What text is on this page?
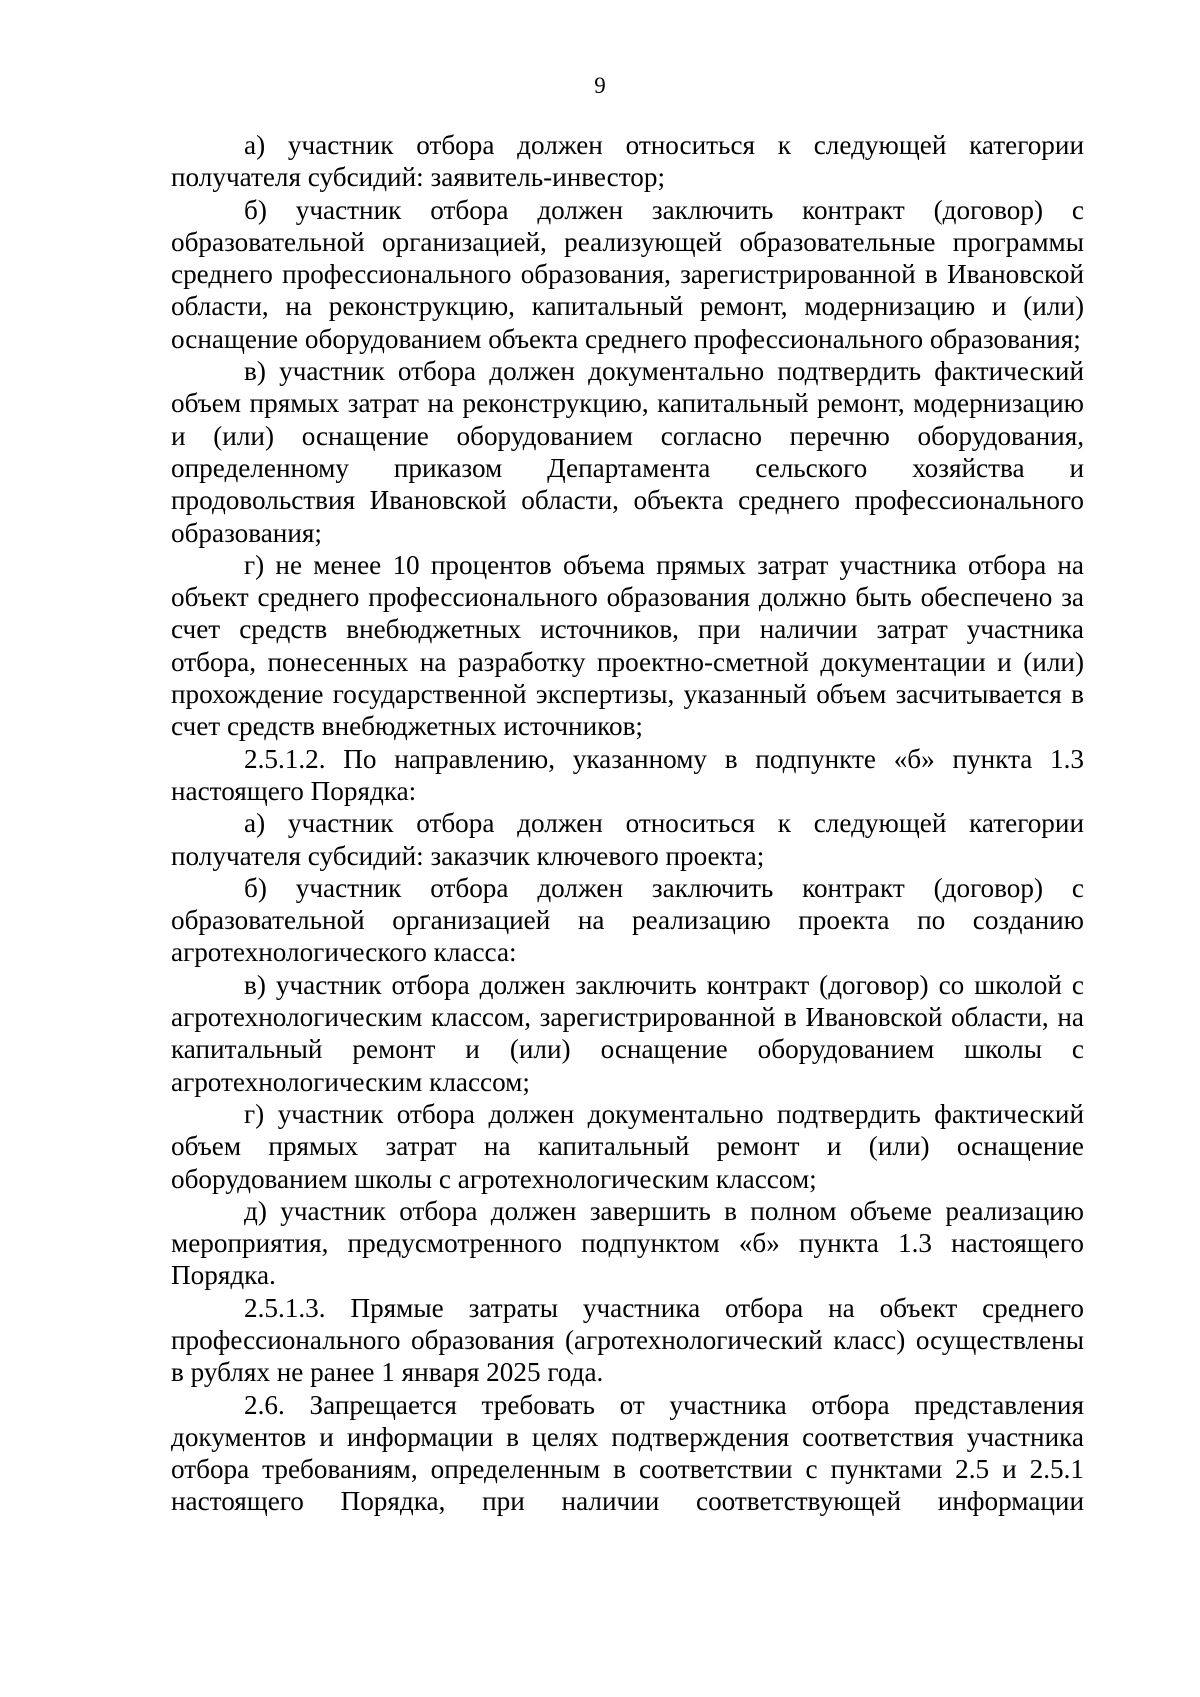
9

а) участник отбора должен относиться к следующей категории получателя субсидий: заявитель-инвестор;

б) участник отбора должен заключить контракт (договор) с образовательной организацией, реализующей образовательные программы среднего профессионального образования, зарегистрированной в Ивановской области, на реконструкцию, капитальный ремонт, модернизацию и (или) оснащение оборудованием объекта среднего профессионального образования;

в) участник отбора должен документально подтвердить фактический объем прямых затрат на реконструкцию, капитальный ремонт, модернизацию и (или) оснащение оборудованием согласно перечню оборудования, определенному приказом Департамента сельского хозяйства и продовольствия Ивановской области, объекта среднего профессионального образования;

г) не менее 10 процентов объема прямых затрат участника отбора на объект среднего профессионального образования должно быть обеспечено за счет средств внебюджетных источников, при наличии затрат участника отбора, понесенных на разработку проектно-сметной документации и (или) прохождение государственной экспертизы, указанный объем засчитывается в счет средств внебюджетных источников;

2.5.1.2. По направлению, указанному в подпункте «б» пункта 1.3 настоящего Порядка:

а) участник отбора должен относиться к следующей категории получателя субсидий: заказчик ключевого проекта;

б) участник отбора должен заключить контракт (договор) с образовательной организацией на реализацию проекта по созданию агротехнологического класса:

в) участник отбора должен заключить контракт (договор) со школой с агротехнологическим классом, зарегистрированной в Ивановской области, на капитальный ремонт и (или) оснащение оборудованием школы с агротехнологическим классом;

г) участник отбора должен документально подтвердить фактический объем прямых затрат на капитальный ремонт и (или) оснащение оборудованием школы с агротехнологическим классом;

д) участник отбора должен завершить в полном объеме реализацию мероприятия, предусмотренного подпунктом «б» пункта 1.3 настоящего Порядка.

2.5.1.3. Прямые затраты участника отбора на объект среднего профессионального образования (агротехнологический класс) осуществлены в рублях не ранее 1 января 2025 года.

2.6. Запрещается требовать от участника отбора представления документов и информации в целях подтверждения соответствия участника отбора требованиям, определенным в соответствии с пунктами 2.5 и 2.5.1 настоящего Порядка, при наличии соответствующей информации
